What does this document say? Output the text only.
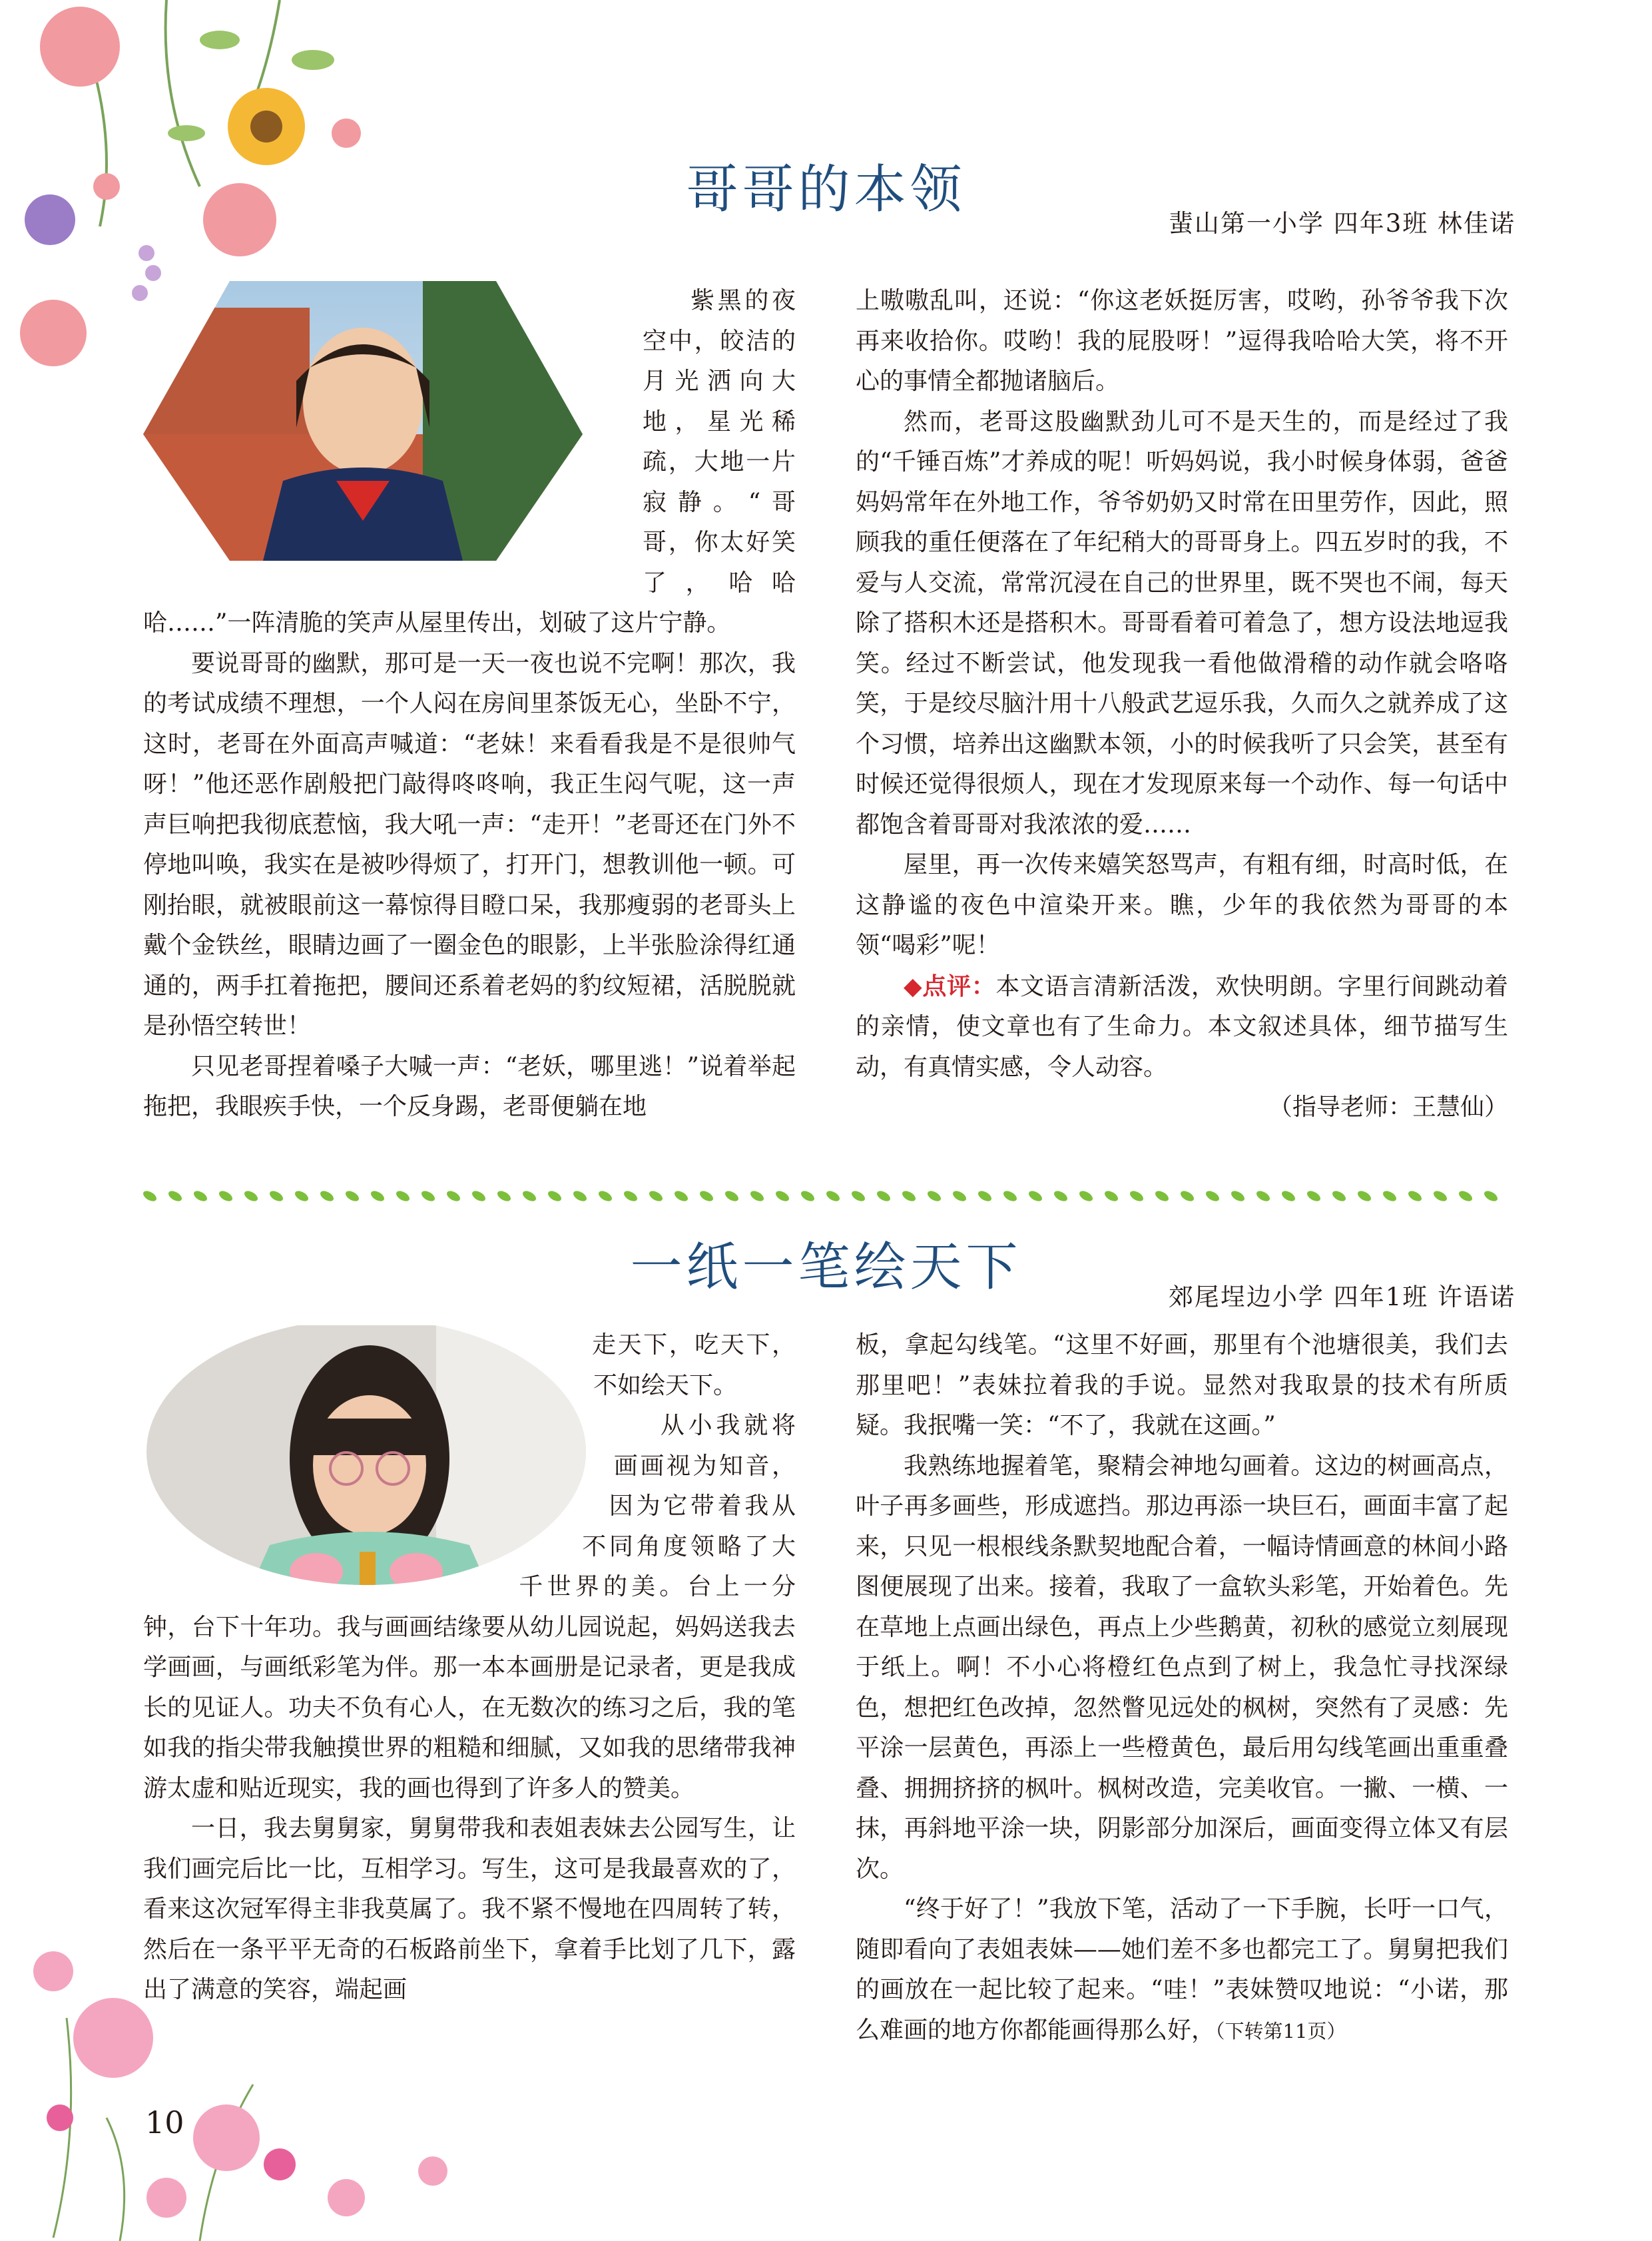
哥哥的本领
蜚山第一小学 四年3班 林佳诺

紫黑的夜空中，皎洁的月光洒向大地，星光稀疏，大地一片寂静。“哥哥，你太好笑了，哈哈哈……”一阵清脆的笑声从屋里传出，划破了这片宁静。

要说哥哥的幽默，那可是一天一夜也说不完啊！那次，我的考试成绩不理想，一个人闷在房间里茶饭无心，坐卧不宁，这时，老哥在外面高声喊道：“老妹！来看看我是不是很帅气呀！”他还恶作剧般把门敲得咚咚响，我正生闷气呢，这一声声巨响把我彻底惹恼，我大吼一声：“走开！”老哥还在门外不停地叫唤，我实在是被吵得烦了，打开门，想教训他一顿。可刚抬眼，就被眼前这一幕惊得目瞪口呆，我那瘦弱的老哥头上戴个金铁丝，眼睛边画了一圈金色的眼影，上半张脸涂得红通通的，两手扛着拖把，腰间还系着老妈的豹纹短裙，活脱脱就是孙悟空转世！

只见老哥捏着嗓子大喊一声：“老妖，哪里逃！”说着举起拖把，我眼疾手快，一个反身踢，老哥便躺在地

上嗷嗷乱叫，还说：“你这老妖挺厉害，哎哟，孙爷爷我下次再来收拾你。哎哟！我的屁股呀！”逗得我哈哈大笑，将不开心的事情全都抛诸脑后。

然而，老哥这股幽默劲儿可不是天生的，而是经过了我的“千锤百炼”才养成的呢！听妈妈说，我小时候身体弱，爸爸妈妈常年在外地工作，爷爷奶奶又时常在田里劳作，因此，照顾我的重任便落在了年纪稍大的哥哥身上。四五岁时的我，不爱与人交流，常常沉浸在自己的世界里，既不哭也不闹，每天除了搭积木还是搭积木。哥哥看着可着急了，想方设法地逗我笑。经过不断尝试，他发现我一看他做滑稽的动作就会咯咯笑，于是绞尽脑汁用十八般武艺逗乐我，久而久之就养成了这个习惯，培养出这幽默本领，小的时候我听了只会笑，甚至有时候还觉得很烦人，现在才发现原来每一个动作、每一句话中都饱含着哥哥对我浓浓的爱……

屋里，再一次传来嬉笑怒骂声，有粗有细，时高时低，在这静谧的夜色中渲染开来。瞧，少年的我依然为哥哥的本领“喝彩”呢！

◆点评：本文语言清新活泼，欢快明朗。字里行间跳动着的亲情，使文章也有了生命力。本文叙述具体，细节描写生动，有真情实感，令人动容。

（指导老师：王慧仙）

一纸一笔绘天下	郊尾埕边小学 四年1班 许语诺

走天下，吃天下，不如绘天下。

从小我就将画画视为知音，因为它带着我从不同角度领略了大千世界的美。台上一分钟，台下十年功。我与画画结缘要从幼儿园说起，妈妈送我去学画画，与画纸彩笔为伴。那一本本画册是记录者，更是我成长的见证人。功夫不负有心人，在无数次的练习之后，我的笔如我的指尖带我触摸世界的粗糙和细腻，又如我的思绪带我神游太虚和贴近现实，我的画也得到了许多人的赞美。

一日，我去舅舅家，舅舅带我和表姐表妹去公园写生，让我们画完后比一比，互相学习。写生，这可是我最喜欢的了，看来这次冠军得主非我莫属了。我不紧不慢地在四周转了转，然后在一条平平无奇的石板路前坐下，拿着手比划了几下，露出了满意的笑容，端起画

板，拿起勾线笔。“这里不好画，那里有个池塘很美，我们去那里吧！”表妹拉着我的手说。显然对我取景的技术有所质疑。我抿嘴一笑：“不了，我就在这画。”

我熟练地握着笔，聚精会神地勾画着。这边的树画高点，叶子再多画些，形成遮挡。那边再添一块巨石，画面丰富了起来，只见一根根线条默契地配合着，一幅诗情画意的林间小路图便展现了出来。接着，我取了一盒软头彩笔，开始着色。先在草地上点画出绿色，再点上少些鹅黄，初秋的感觉立刻展现于纸上。啊！不小心将橙红色点到了树上，我急忙寻找深绿色，想把红色改掉，忽然瞥见远处的枫树，突然有了灵感：先平涂一层黄色，再添上一些橙黄色，最后用勾线笔画出重重叠叠、拥拥挤挤的枫叶。枫树改造，完美收官。一撇、一横、一抹，再斜地平涂一块，阴影部分加深后，画面变得立体又有层次。

“终于好了！”我放下笔，活动了一下手腕，长吁一口气，随即看向了表姐表妹——她们差不多也都完工了。舅舅把我们的画放在一起比较了起来。“哇！”表妹赞叹地说：“小诺，那么难画的地方你都能画得那么好，（下转第11页）

10
